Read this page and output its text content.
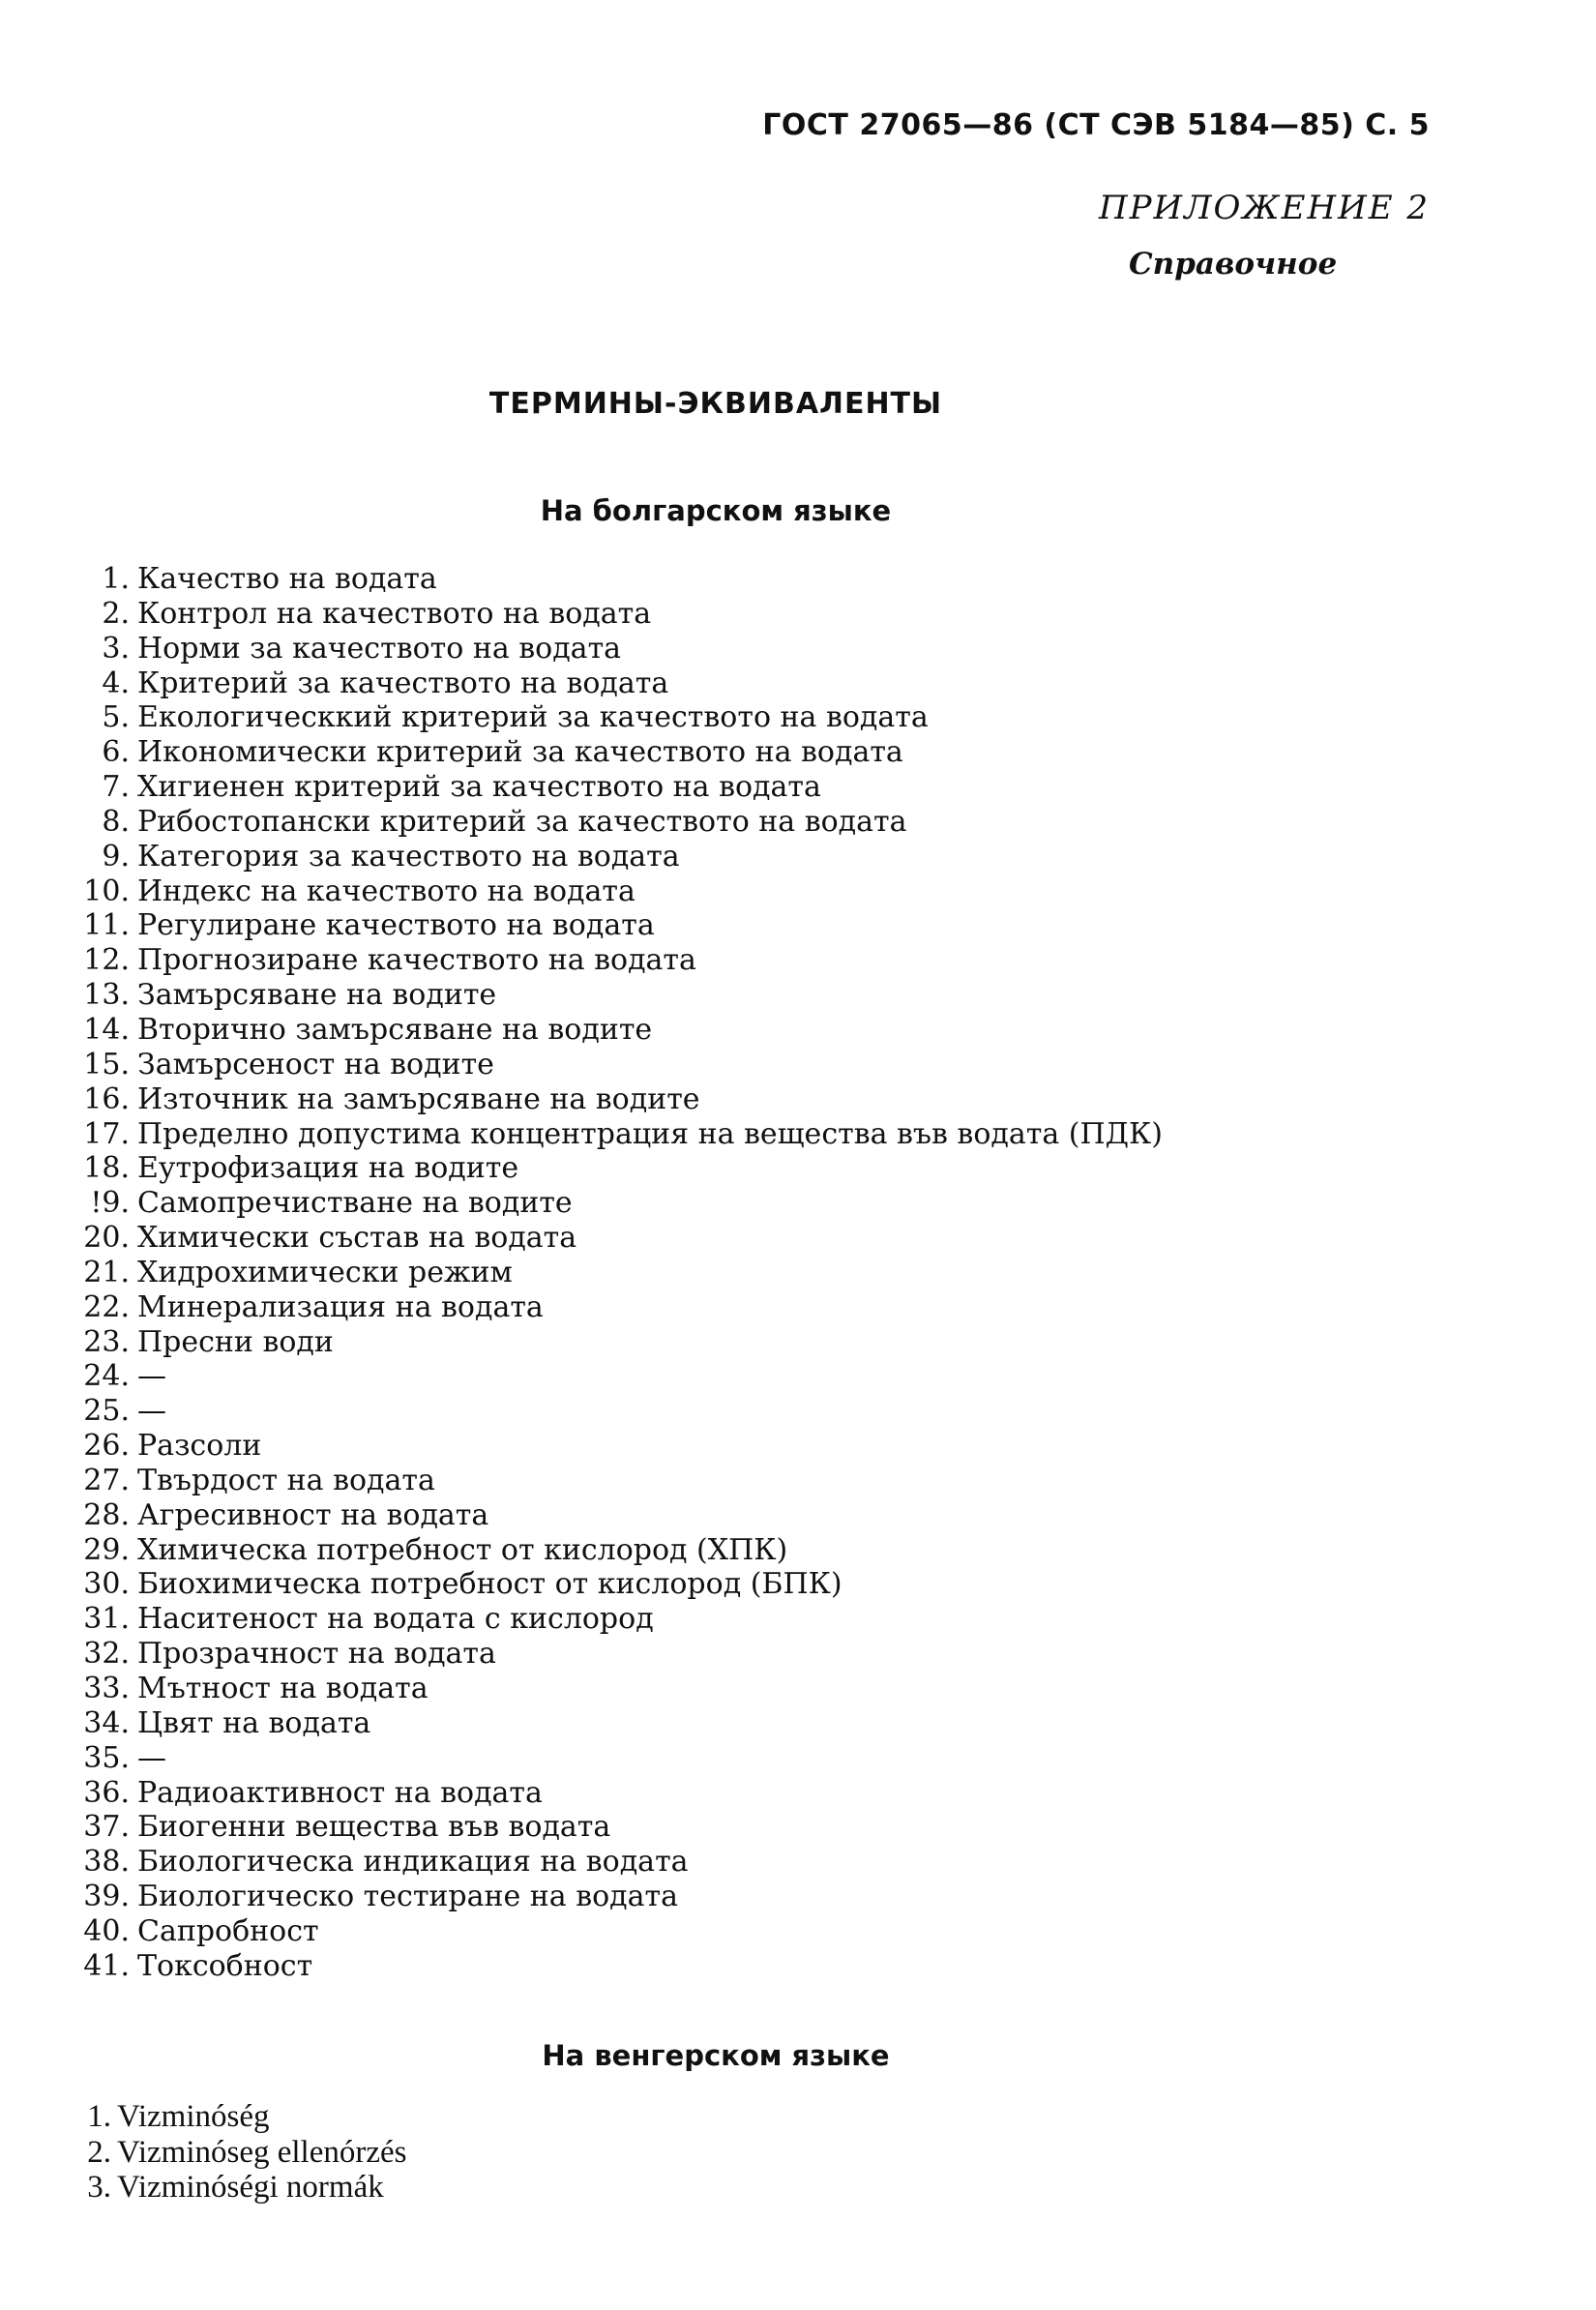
ГОСТ 27065—86 (СТ СЭВ 5184—85) С. 5
ПРИЛОЖЕНИЕ 2
Справочное
ТЕРМИНЫ-ЭКВИВАЛЕНТЫ
На болгарском языке
1. Качество на водата
2. Контрол на качеството на водата
3. Норми за качеството на водата
4. Критерий за качеството на водата
5. Екологическкий критерий за качеството на водата
6. Икономически критерий за качеството на водата
7. Хигиенен критерий за качеството на водата
8. Рибостопански критерий за качеството на водата
9. Категория за качеството на водата
10. Индекс на качеството на водата
11. Регулиране качеството на водата
12. Прогнозиране качеството на водата
13. Замърсяване на водите
14. Вторично замърсяване на водите
15. Замърсеност на водите
16. Източник на замърсяване на водите
17. Пределно допустима концентрация на вещества във водата (ПДК)
18. Еутрофизация на водите
!9. Самопречистване на водите
20. Химически състав на водата
21. Хидрохимически режим
22. Минерализация на водата
23. Пресни води
24. —
25. —
26. Разсоли
27. Твърдост на водата
28. Агресивност на водата
29. Химическа потребност от кислород (ХПК)
30. Биохимическа потребност от кислород (БПК)
31. Наситеност на водата с кислород
32. Прозрачност на водата
33. Мътност на водата
34. Цвят на водата
35. —
36. Радиоактивност на водата
37. Биогенни вещества във водата
38. Биологическа индикация на водата
39. Биологическо тестиране на водата
40. Сапробност
41. Токсобност
На венгерском языке
1. Vizminóség
2. Vizminóseg ellenórzés
3. Vizminóségi normák
